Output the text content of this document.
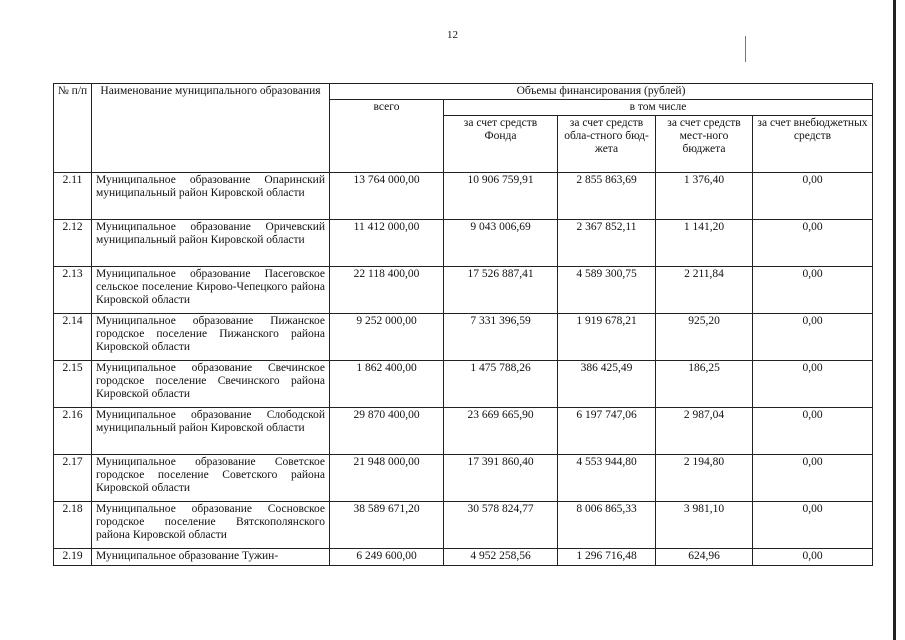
12
№ п/п	Наименование муниципального образования	Объемы финансирования (рублей)				
		всего	в том числе			
			за счет средств Фонда	за счет средств обла-стного бюд-жета	за счет средств мест-ного бюджета	за счет внебюджетных средств
2.11	Муниципальное образование Опаринский муниципальный район Кировской области	13 764 000,00	10 906 759,91	2 855 863,69	1 376,40	0,00
2.12	Муниципальное образование Оричевский муниципальный район Кировской области	11 412 000,00	9 043 006,69	2 367 852,11	1 141,20	0,00
2.13	Муниципальное образование Пасеговское сельское поселение Кирово-Чепецкого района Кировской области	22 118 400,00	17 526 887,41	4 589 300,75	2 211,84	0,00
2.14	Муниципальное образование Пижанское городское поселение Пижанского района Кировской области	9 252 000,00	7 331 396,59	1 919 678,21	925,20	0,00
2.15	Муниципальное образование Свечинское городское поселение Свечинского района Кировской области	1 862 400,00	1 475 788,26	386 425,49	186,25	0,00
2.16	Муниципальное образование Слободской муниципальный район Кировской области	29 870 400,00	23 669 665,90	6 197 747,06	2 987,04	0,00
2.17	Муниципальное образование Советское городское поселение Советского района Кировской области	21 948 000,00	17 391 860,40	4 553 944,80	2 194,80	0,00
2.18	Муниципальное образование Сосновское городское поселение Вятскополянского района Кировской области	38 589 671,20	30 578 824,77	8 006 865,33	3 981,10	0,00
2.19	Муниципальное образование Тужин-	6 249 600,00	4 952 258,56	1 296 716,48	624,96	0,00
